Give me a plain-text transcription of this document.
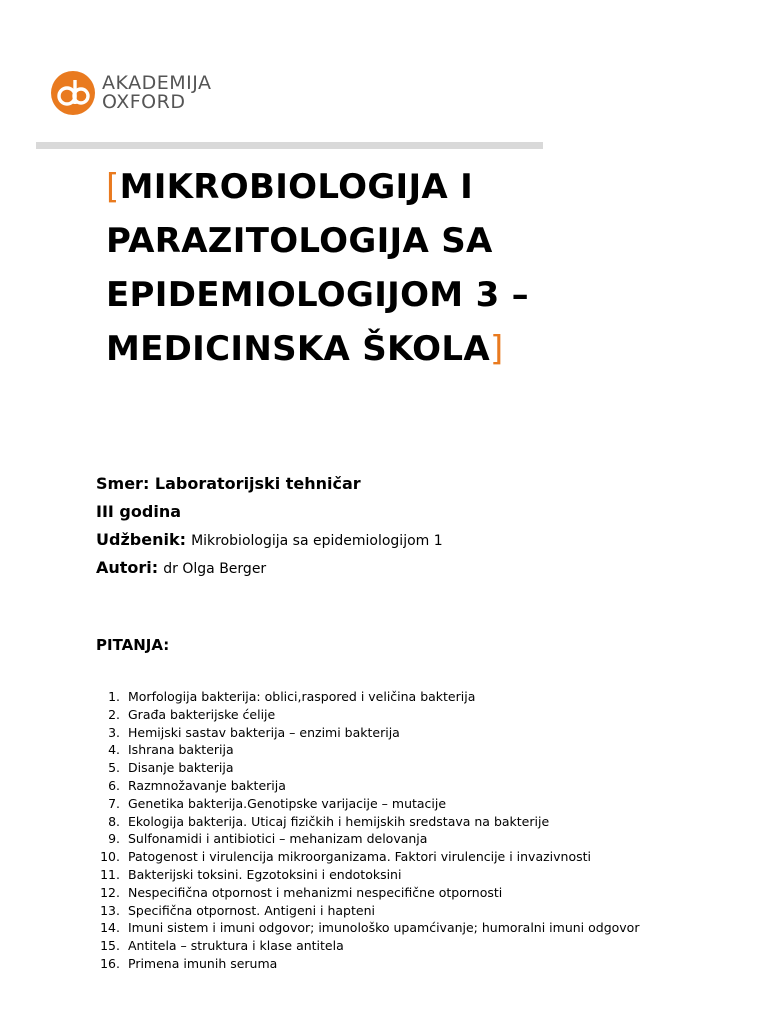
AKADEMIJA
OXFORD
[MIKROBIOLOGIJA I PARAZITOLOGIJA SA EPIDEMIOLOGIJOM 3 – MEDICINSKA ŠKOLA]
Smer: Laboratorijski tehničar
III godina
Udžbenik: Mikrobiologija sa epidemiologijom 1
Autori: dr Olga Berger
PITANJA:
1. Morfologija bakterija: oblici,raspored i veličina bakterija
2. Građa bakterijske ćelije
3. Hemijski sastav bakterija – enzimi bakterija
4. Ishrana bakterija
5. Disanje bakterija
6. Razmnožavanje bakterija
7. Genetika bakterija.Genotipske varijacije – mutacije
8. Ekologija bakterija. Uticaj fizičkih i hemijskih sredstava na bakterije
9. Sulfonamidi i antibiotici – mehanizam delovanja
10. Patogenost i virulencija mikroorganizama. Faktori virulencije i invazivnosti
11. Bakterijski toksini. Egzotoksini i endotoksini
12. Nespecifična otpornost i mehanizmi nespecifične otpornosti
13. Specifična otpornost. Antigeni i hapteni
14. Imuni sistem i imuni odgovor; imunološko upamćivanje; humoralni imuni odgovor
15. Antitela – struktura i klase antitela
16. Primena imunih seruma
